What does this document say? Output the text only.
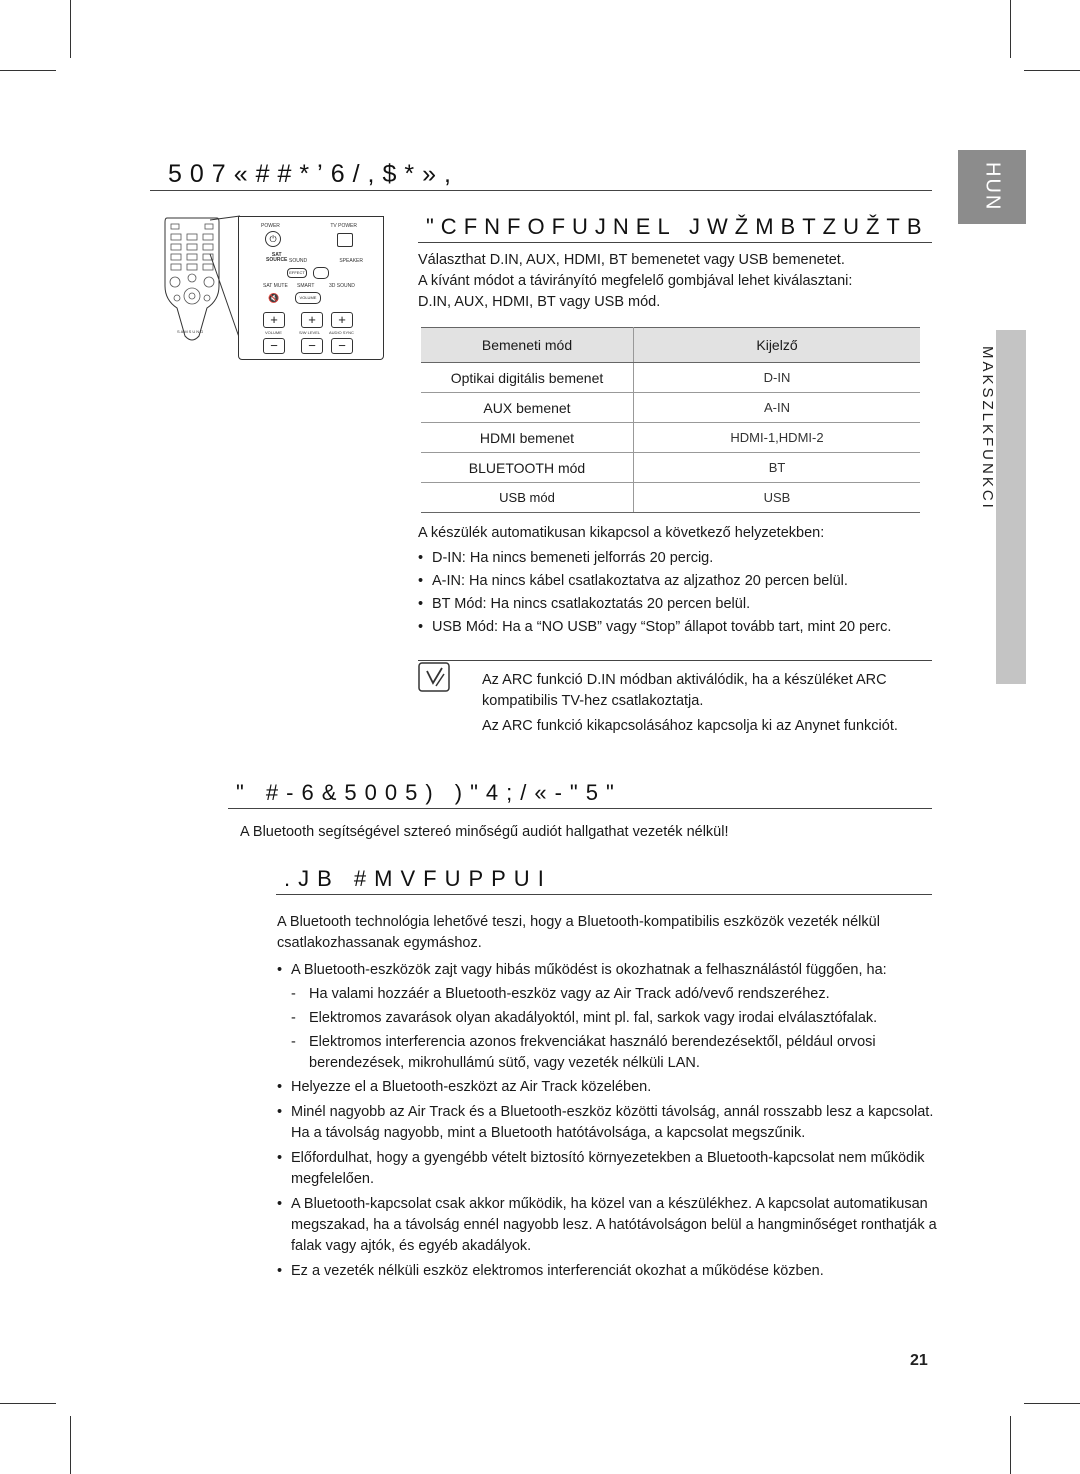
HUN
MAKSZLKFUNKCI
507«##*’6/,$*»,
SAMSUNG
POWER	TV POWER
⏻
SAT
SOURCE SOUND	SPEAKER
EFFECT
SAT MUTE SMART	3D SOUND
🔇	VOLUME
+	+	+
VOLUME	S/W LEVEL AUDIO SYNC
−	−	−
"CFNFOFUJNEL JWŽMBTZUŽTB
Választhat D.IN, AUX, HDMI, BT bemenetet vagy USB bemenetet.
A kívánt módot a távirányító megfelelő gombjával lehet kiválasztani:
D.IN, AUX, HDMI, BT vagy USB mód.
Bemeneti mód	Kijelző
Optikai digitális bemenet	D-IN
AUX bemenet	A-IN
HDMI bemenet	HDMI-1,HDMI-2
BLUETOOTH mód	BT
USB mód	USB
A készülék automatikusan kikapcsol a következő helyzetekben:
• D-IN: Ha nincs bemeneti jelforrás 20 percig.
• A-IN: Ha nincs kábel csatlakoztatva az aljzathoz 20 percen belül.
• BT Mód: Ha nincs csatlakoztatás 20 percen belül.
• USB Mód: Ha a “NO USB” vagy “Stop” állapot tovább tart, mint 20 perc.
Az ARC funkció D.IN módban aktiválódik, ha a készüléket ARC kompatibilis TV-hez csatlakoztatja.
Az ARC funkció kikapcsolásához kapcsolja ki az Anynet funkciót.
" #-6&5005) )"4;/«-"5"
A Bluetooth segítségével sztereó minőségű audiót hallgathat vezeték nélkül!
.JB #MVFUPPUI
A Bluetooth technológia lehetővé teszi, hogy a Bluetooth-kompatibilis eszközök vezeték nélkül csatlakozhassanak egymáshoz.
• A Bluetooth-eszközök zajt vagy hibás működést is okozhatnak a felhasználástól függően, ha:
- Ha valami hozzáér a Bluetooth-eszköz vagy az Air Track adó/vevő rendszeréhez.
- Elektromos zavarások olyan akadályoktól, mint pl. fal, sarkok vagy irodai elválasztófalak.
- Elektromos interferencia azonos frekvenciákat használó berendezésektől, például orvosi berendezések, mikrohullámú sütő, vagy vezeték nélküli LAN.
• Helyezze el a Bluetooth-eszközt az Air Track közelében.
• Minél nagyobb az Air Track és a Bluetooth-eszköz közötti távolság, annál rosszabb lesz a kapcsolat.
Ha a távolság nagyobb, mint a Bluetooth hatótávolsága, a kapcsolat megszűnik.
• Előfordulhat, hogy a gyengébb vételt biztosító környezetekben a Bluetooth-kapcsolat nem működik megfelelően.
• A Bluetooth-kapcsolat csak akkor működik, ha közel van a készülékhez. A kapcsolat automatikusan megszakad, ha a távolság ennél nagyobb lesz. A hatótávolságon belül a hangminőséget ronthatják a falak vagy ajtók, és egyéb akadályok.
• Ez a vezeték nélküli eszköz elektromos interferenciát okozhat a működése közben.
21
